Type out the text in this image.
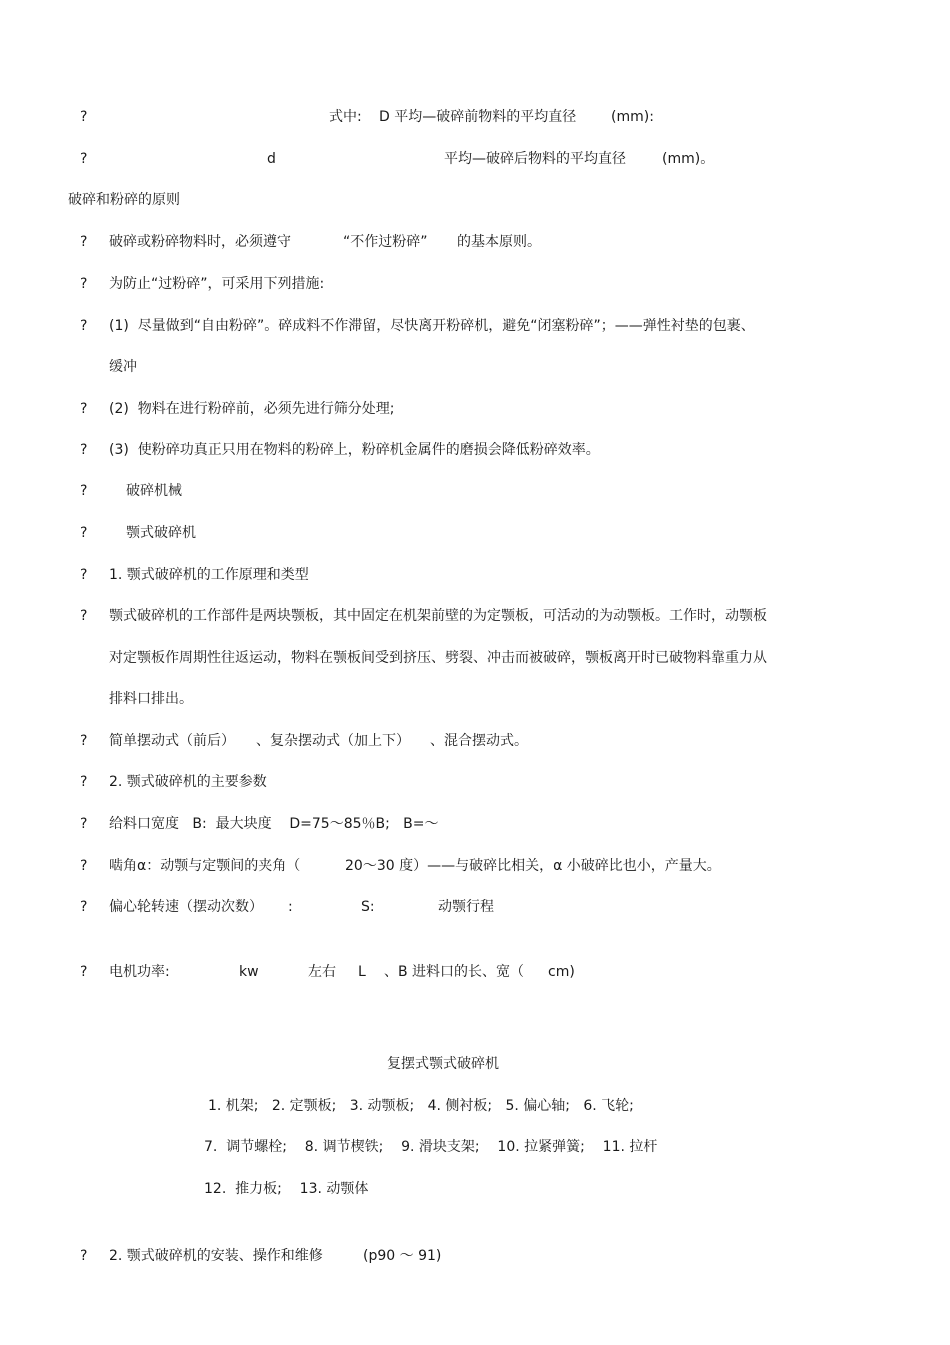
?	式中: D 平均—破碎前物料的平均直径 (mm):
?	d	平均—破碎后物料的平均直径	(mm)。
破碎和粉碎的原则
? 破碎或粉碎物料时，必须遵守	“不作过粉碎” 的基本原则。
? 为防止“过粉碎”，可采用下列措施:
? (1)  尽量做到“自由粉碎”。碎成料不作滞留，尽快离开粉碎机，避免“闭塞粉碎”；——弹性衬垫的包裹、
缓冲
? (2)  物料在进行粉碎前，必须先进行筛分处理;
? (3)  使粉碎功真正只用在物料的粉碎上，粉碎机金属件的磨损会降低粉碎效率。
?	破碎机械
?	颚式破碎机
? 1. 颚式破碎机的工作原理和类型
? 颚式破碎机的工作部件是两块颚板，其中固定在机架前壁的为定颚板，可活动的为动颚板。工作时，动颚板
对定颚板作周期性往返运动，物料在颚板间受到挤压、劈裂、冲击而被破碎，颚板离开时已破物料靠重力从
排料口排出。
? 简单摆动式（前后） 、复杂摆动式（加上下） 、混合摆动式。
? 2. 颚式破碎机的主要参数
? 给料口宽度   B:  最大块度    D=75～85％B;   B=～
? 啮角α：动颚与定颚间的夹角（	20～30 度）——与破碎比相关，α 小破碎比也小，产量大。
? 偏心轮转速（摆动次数） :	S:	动颚行程
? 电机功率:	kw	左右 L 、B 进料口的长、宽（ cm)
复摆式颚式破碎机
1. 机架;   2. 定颚板;   3. 动颚板;   4. 侧衬板;   5. 偏心轴;   6. 飞轮;
7.  调节螺栓;    8. 调节楔铁;    9. 滑块支架;    10. 拉紧弹簧;    11. 拉杆
12.  推力板;    13. 动颚体
? 2. 颚式破碎机的安装、操作和维修	(p90 ～ 91)
